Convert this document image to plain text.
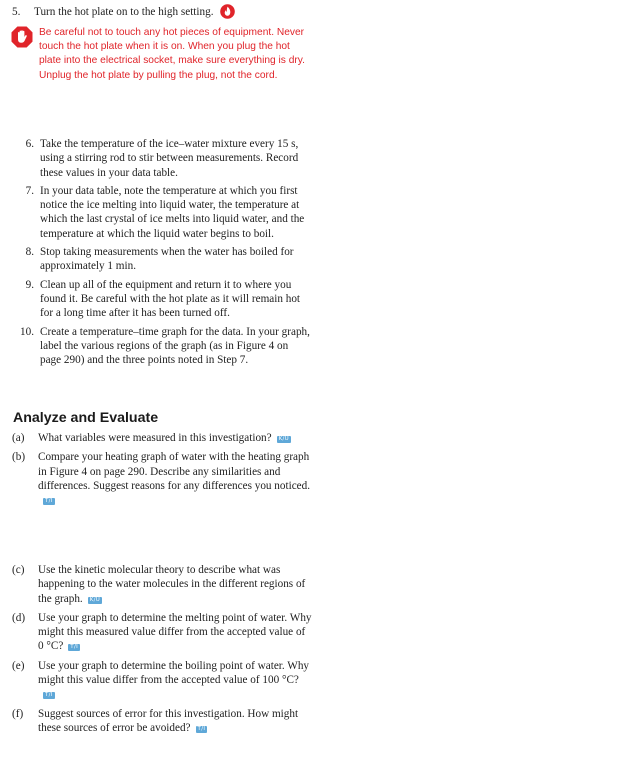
5. Turn the hot plate on to the high setting.

Be careful not to touch any hot pieces of equipment. Never touch the hot plate when it is on. When you plug the hot plate into the electrical socket, make sure everything is dry. Unplug the hot plate by pulling the plug, not the cord.

6. Take the temperature of the ice–water mixture every 15 s, using a stirring rod to stir between measurements. Record these values in your data table.
7. In your data table, note the temperature at which you first notice the ice melting into liquid water, the temperature at which the last crystal of ice melts into liquid water, and the temperature at which the liquid water begins to boil.
8. Stop taking measurements when the water has boiled for approximately 1 min.
9. Clean up all of the equipment and return it to where you found it. Be careful with the hot plate as it will remain hot for a long time after it has been turned off.
10. Create a temperature–time graph for the data. In your graph, label the various regions of the graph (as in Figure 4 on page 290) and the three points noted in Step 7.
Analyze and Evaluate
(a) What variables were measured in this investigation? K/U
(b) Compare your heating graph of water with the heating graph in Figure 4 on page 290. Describe any similarities and differences. Suggest reasons for any differences you noticed.T/I
(c) Use the kinetic molecular theory to describe what was happening to the water molecules in the different regions of the graph. K/U
(d) Use your graph to determine the melting point of water. Why might this measured value differ from the accepted value of 0 °C? T/I
(e) Use your graph to determine the boiling point of water. Why might this value differ from the accepted value of 100 °C?T/I
(f) Suggest sources of error for this investigation. How might these sources of error be avoided? T/I
